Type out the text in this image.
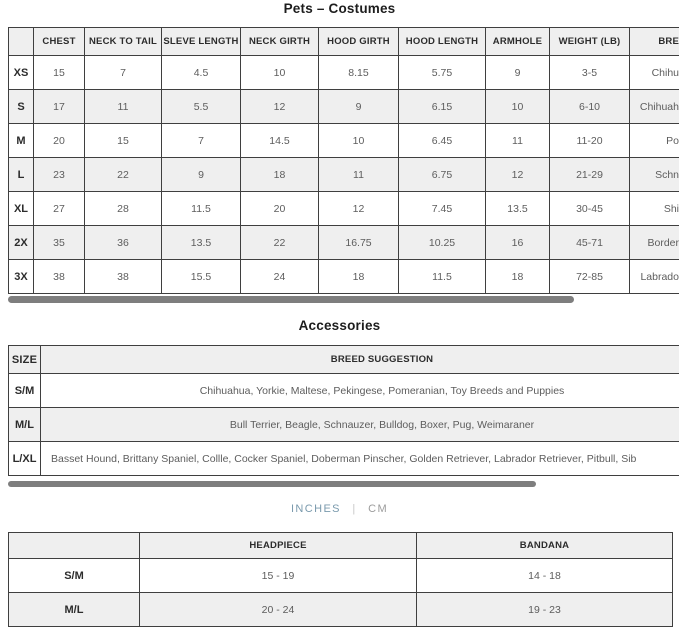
Pets – Costumes
	CHEST	NECK TO TAIL	SLEVE LENGTH	NECK GIRTH	HOOD GIRTH	HOOD LENGTH	ARMHOLE	WEIGHT (LB)	BRE
XS	15	7	4.5	10	8.15	5.75	9	3-5	Chihu
S	17	11	5.5	12	9	6.15	10	6-10	Chihuah
M	20	15	7	14.5	10	6.45	11	11-20	Po
L	23	22	9	18	11	6.75	12	21-29	Schn
XL	27	28	11.5	20	12	7.45	13.5	30-45	Shi
2X	35	36	13.5	22	16.75	10.25	16	45-71	Border
3X	38	38	15.5	24	18	11.5	18	72-85	Labrado
Accessories
SIZE	BREED SUGGESTION
S/M	Chihuahua, Yorkie, Maltese, Pekingese, Pomeranian, Toy Breeds and Puppies
M/L	Bull Terrier, Beagle, Schnauzer, Bulldog, Boxer, Pug, Weimaraner
L/XL	Basset Hound, Brittany Spaniel, Collle, Cocker Spaniel, Doberman Pinscher, Golden Retriever, Labrador Retriever, Pitbull, Sib
INCHES | CM
	HEADPIECE	BANDANA
S/M	15 - 19	14 - 18
M/L	20 - 24	19 - 23
